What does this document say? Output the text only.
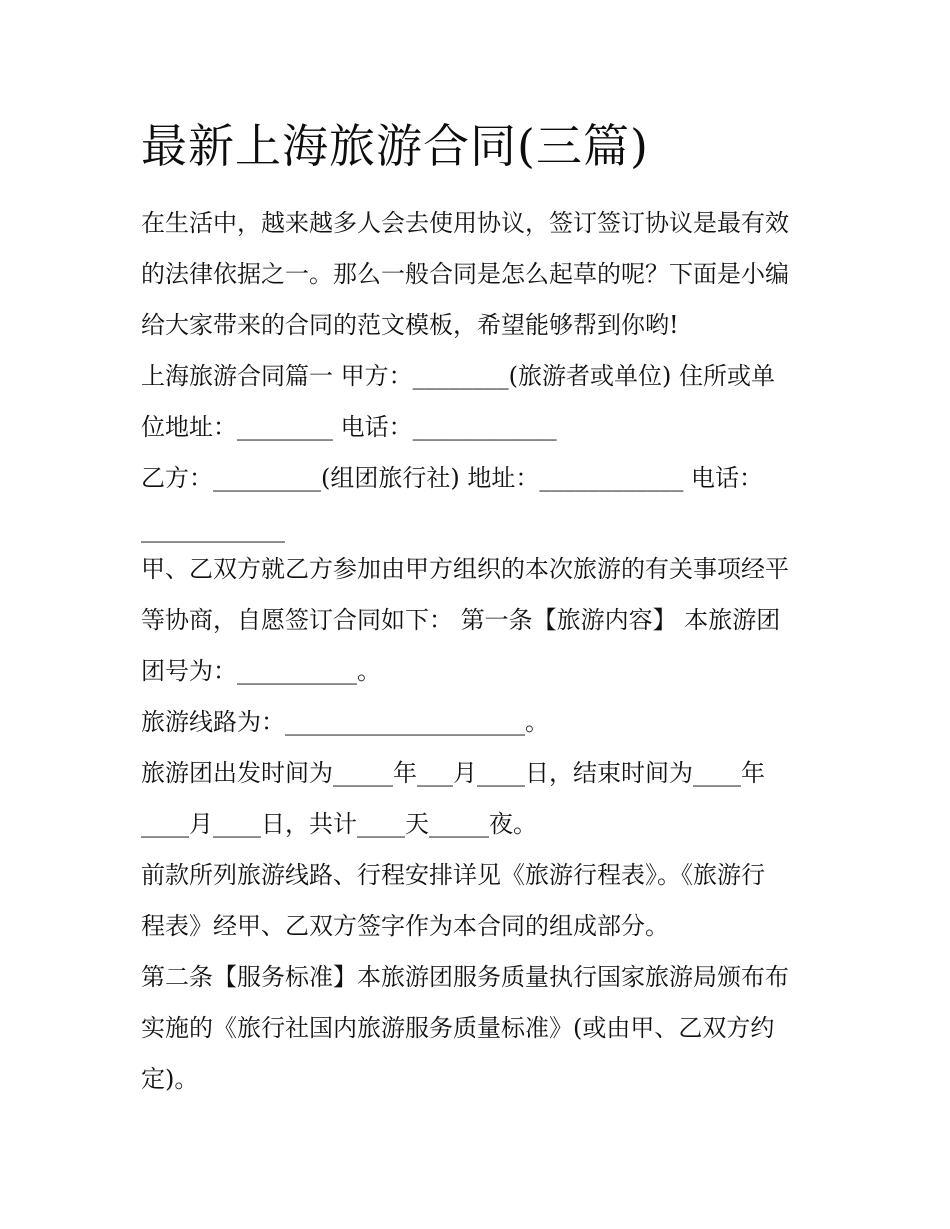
最新上海旅游合同(三篇)
在生活中，越来越多人会去使用协议，签订签订协议是最有效
的法律依据之一。那么一般合同是怎么起草的呢？下面是小编
给大家带来的合同的范文模板，希望能够帮到你哟!
上海旅游合同篇一 甲方：________(旅游者或单位) 住所或单
位地址：________ 电话：____________
乙方：_________(组团旅行社) 地址：____________ 电话：
____________
甲、乙双方就乙方参加由甲方组织的本次旅游的有关事项经平
等协商，自愿签订合同如下： 第一条【旅游内容】 本旅游团
团号为：__________。
旅游线路为：____________________。
旅游团出发时间为_____年___月____日，结束时间为____年
____月____日，共计____天_____夜。
前款所列旅游线路、行程安排详见《旅游行程表》。《旅游行
程表》经甲、乙双方签字作为本合同的组成部分。
第二条【服务标准】本旅游团服务质量执行国家旅游局颁布布
实施的《旅行社国内旅游服务质量标准》(或由甲、乙双方约
定)。
